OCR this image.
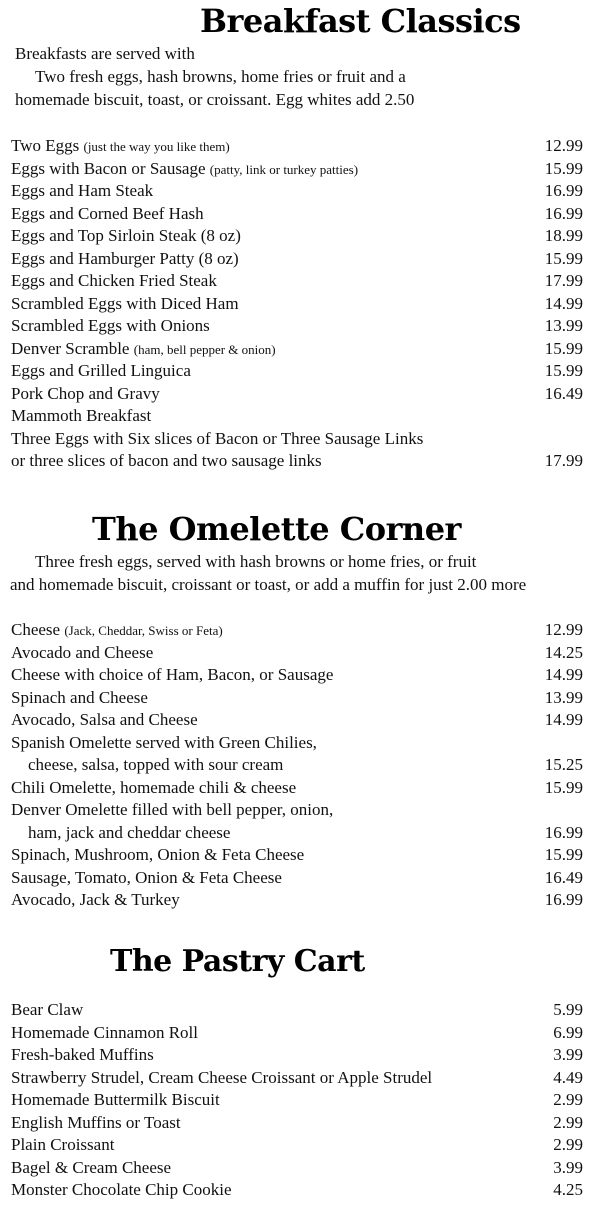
Breakfast Classics
Breakfasts are served with
Two fresh eggs, hash browns, home fries or fruit and a
homemade biscuit, toast, or croissant. Egg whites add 2.50
Two Eggs (just the way you like them)	12.99
Eggs with Bacon or Sausage (patty, link or turkey patties)	15.99
Eggs and Ham Steak	16.99
Eggs and Corned Beef Hash	16.99
Eggs and Top Sirloin Steak (8 oz)	18.99
Eggs and Hamburger Patty (8 oz)	15.99
Eggs and Chicken Fried Steak	17.99
Scrambled Eggs with Diced Ham	14.99
Scrambled Eggs with Onions	13.99
Denver Scramble (ham, bell pepper & onion)	15.99
Eggs and Grilled Linguica	15.99
Pork Chop and Gravy	16.49
Mammoth Breakfast
Three Eggs with Six slices of Bacon or Three Sausage Links
or three slices of bacon and two sausage links	17.99
The Omelette Corner
Three fresh eggs, served with hash browns or home fries, or fruit
and homemade biscuit, croissant or toast, or add a muffin for just 2.00 more
Cheese (Jack, Cheddar, Swiss or Feta)	12.99
Avocado and Cheese	14.25
Cheese with choice of Ham, Bacon, or Sausage	14.99
Spinach and Cheese	13.99
Avocado, Salsa and Cheese	14.99
Spanish Omelette served with Green Chilies,
cheese, salsa, topped with sour cream	15.25
Chili Omelette, homemade chili & cheese	15.99
Denver Omelette filled with bell pepper, onion,
ham, jack and cheddar cheese	16.99
Spinach, Mushroom, Onion & Feta Cheese	15.99
Sausage, Tomato, Onion & Feta Cheese	16.49
Avocado, Jack & Turkey	16.99
The Pastry Cart
Bear Claw	5.99
Homemade Cinnamon Roll	6.99
Fresh-baked Muffins	3.99
Strawberry Strudel, Cream Cheese Croissant or Apple Strudel	4.49
Homemade Buttermilk Biscuit	2.99
English Muffins or Toast	2.99
Plain Croissant	2.99
Bagel & Cream Cheese	3.99
Monster Chocolate Chip Cookie	4.25
